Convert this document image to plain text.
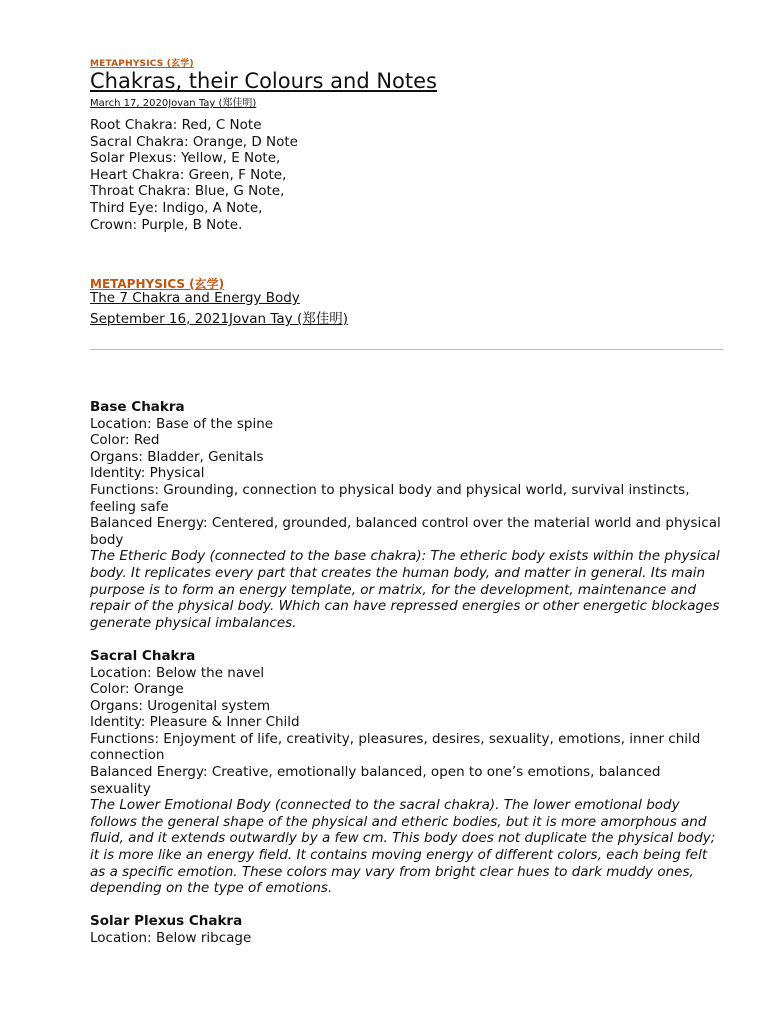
METAPHYSICS (玄学)
Chakras, their Colours and Notes
March 17, 2020Jovan Tay (郑佳明)
Root Chakra: Red, C Note
Sacral Chakra: Orange, D Note
Solar Plexus: Yellow, E Note,
Heart Chakra: Green, F Note,
Throat Chakra: Blue, G Note,
Third Eye: Indigo, A Note,
Crown: Purple, B Note.
METAPHYSICS (玄学)
The 7 Chakra and Energy Body
September 16, 2021Jovan Tay (郑佳明)
Base Chakra

Location: Base of the spine

Color: Red

Organs: Bladder, Genitals

Identity: Physical

Functions: Grounding, connection to physical body and physical world, survival instincts, feeling safe

Balanced Energy: Centered, grounded, balanced control over the material world and physical body

The Etheric Body (connected to the base chakra): The etheric body exists within the physical body. It replicates every part that creates the human body, and matter in general. Its main purpose is to form an energy template, or matrix, for the development, maintenance and repair of the physical body. Which can have repressed energies or other energetic blockages generate physical imbalances.

Sacral Chakra

Location: Below the navel

Color: Orange

Organs: Urogenital system

Identity: Pleasure & Inner Child

Functions: Enjoyment of life, creativity, pleasures, desires, sexuality, emotions, inner child connection

Balanced Energy: Creative, emotionally balanced, open to one’s emotions, balanced sexuality

The Lower Emotional Body (connected to the sacral chakra). The lower emotional body follows the general shape of the physical and etheric bodies, but it is more amorphous and fluid, and it extends outwardly by a few cm. This body does not duplicate the physical body; it is more like an energy field. It contains moving energy of different colors, each being felt as a specific emotion. These colors may vary from bright clear hues to dark muddy ones, depending on the type of emotions.

Solar Plexus Chakra

Location: Below ribcage
